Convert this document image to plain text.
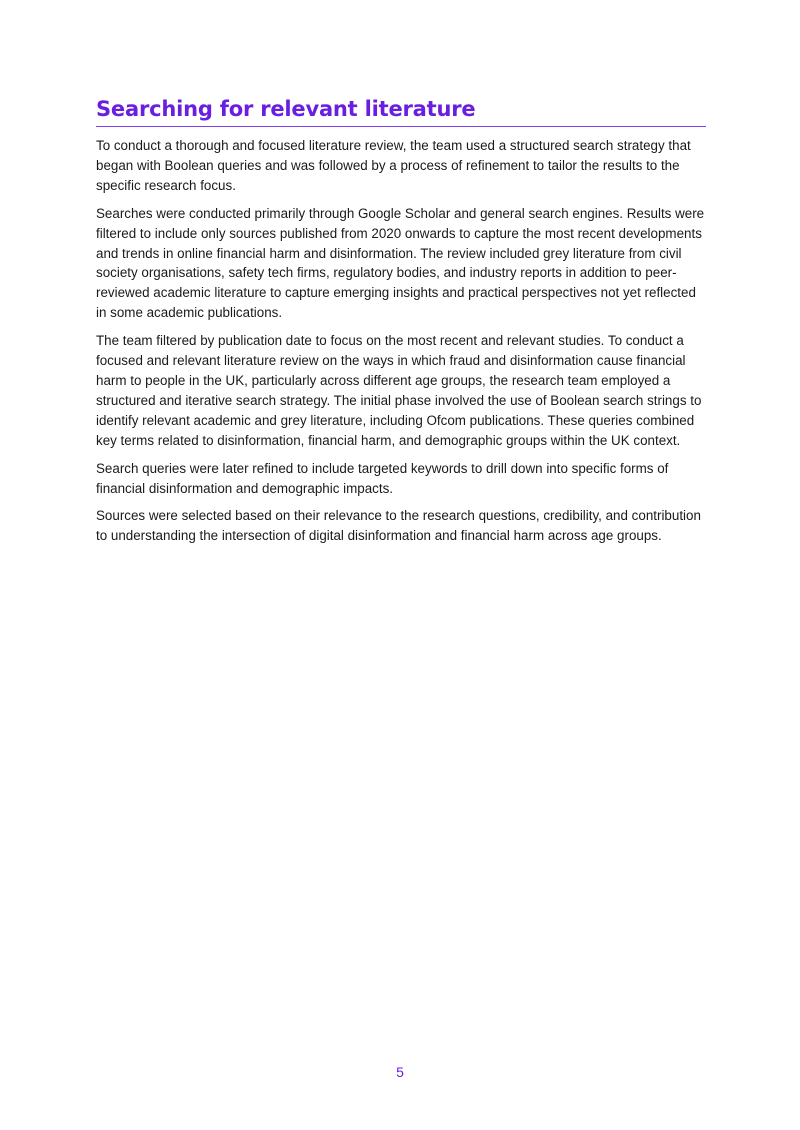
Searching for relevant literature

To conduct a thorough and focused literature review, the team used a structured search strategy that began with Boolean queries and was followed by a process of refinement to tailor the results to the specific research focus.

Searches were conducted primarily through Google Scholar and general search engines. Results were filtered to include only sources published from 2020 onwards to capture the most recent developments and trends in online financial harm and disinformation. The review included grey literature from civil society organisations, safety tech firms, regulatory bodies, and industry reports in addition to peer-reviewed academic literature to capture emerging insights and practical perspectives not yet reflected in some academic publications.

The team filtered by publication date to focus on the most recent and relevant studies. To conduct a focused and relevant literature review on the ways in which fraud and disinformation cause financial harm to people in the UK, particularly across different age groups, the research team employed a structured and iterative search strategy. The initial phase involved the use of Boolean search strings to identify relevant academic and grey literature, including Ofcom publications. These queries combined key terms related to disinformation, financial harm, and demographic groups within the UK context.

Search queries were later refined to include targeted keywords to drill down into specific forms of financial disinformation and demographic impacts.

Sources were selected based on their relevance to the research questions, credibility, and contribution to understanding the intersection of digital disinformation and financial harm across age groups.

5
